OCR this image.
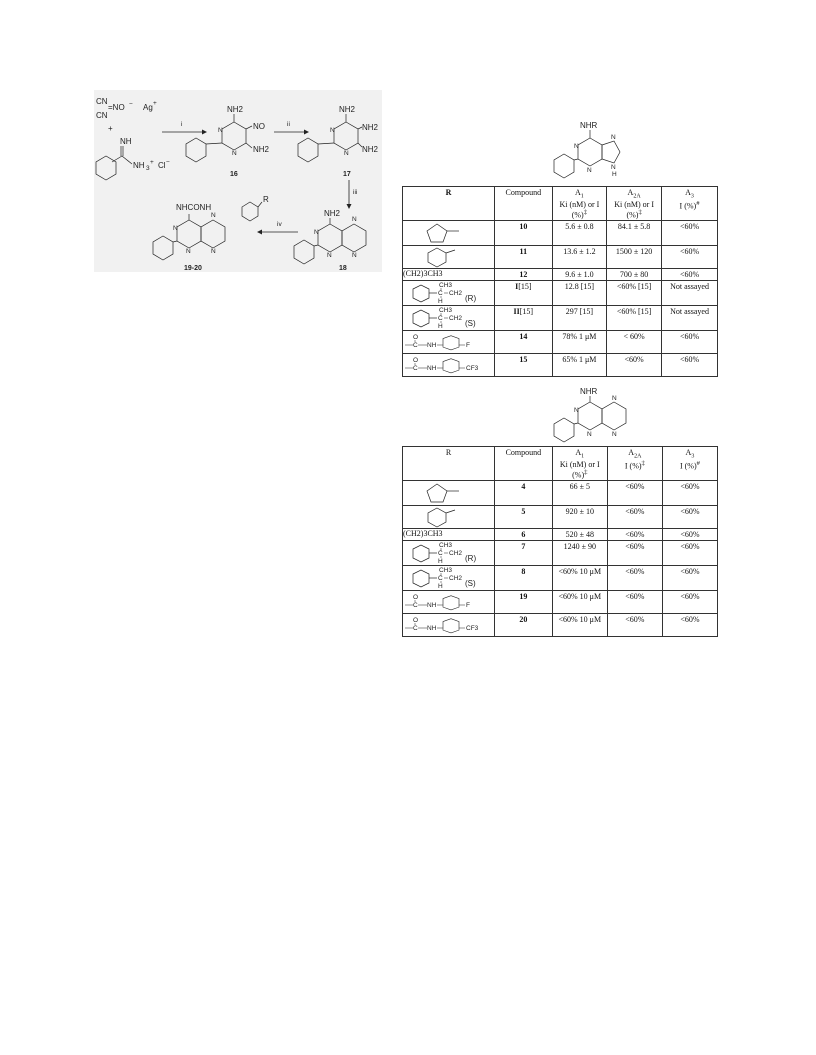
CN
=NO − Ag +
CN
+
NH
NH 3
+ Cl −
i
N
N
NH2
NO
NH2
16
ii
N
N
NH2
NH2
NH2
17
iii
NH2
N
N
N
N
18
iv
NHCONH
R
N
N
N
N
19-20
NHR
N
N
N
N
H
R	Compound	$A_1$
Ki (nM) or I
(%)‡	$A_{2A}$
Ki (nM) or I
(%)‡	$A_3$
I (%)#

	10	5.6 ± 0.8	84.1 ± 5.8	<60%

	11	13.6 ± 1.2	1500 ± 120	<60%
(CH2)3CH3	12	9.6 ± 1.0	700 ± 80	<60%

CH3
C CH2
H (R)	I[15]	12.8 [15]	<60% [15]	Not assayed

CH3
C CH2
H (S)	II[15]	297 [15]	<60% [15]	Not assayed

O
C NH F	14	78% 1 μM	< 60%	<60%

O
C NH CF3	15	65% 1 μM	<60%	<60%
NHR
N
N
N
N
R	Compound	$A_1$
Ki (nM) or I
(%)‡	$A_{2A}$
I (%)‡	$A_3$
I (%)#

	4	66 ± 5	<60%	<60%

	5	920 ± 10	<60%	<60%
(CH2)3CH3	6	520 ± 48	<60%	<60%

CH3
C CH2
H (R)	7	1240 ± 90	<60%	<60%

CH3
C CH2
H (S)	8	<60% 10 μM	<60%	<60%

O
C NH F	19	<60% 10 μM	<60%	<60%

O
C NH CF3	20	<60% 10 μM	<60%	<60%
